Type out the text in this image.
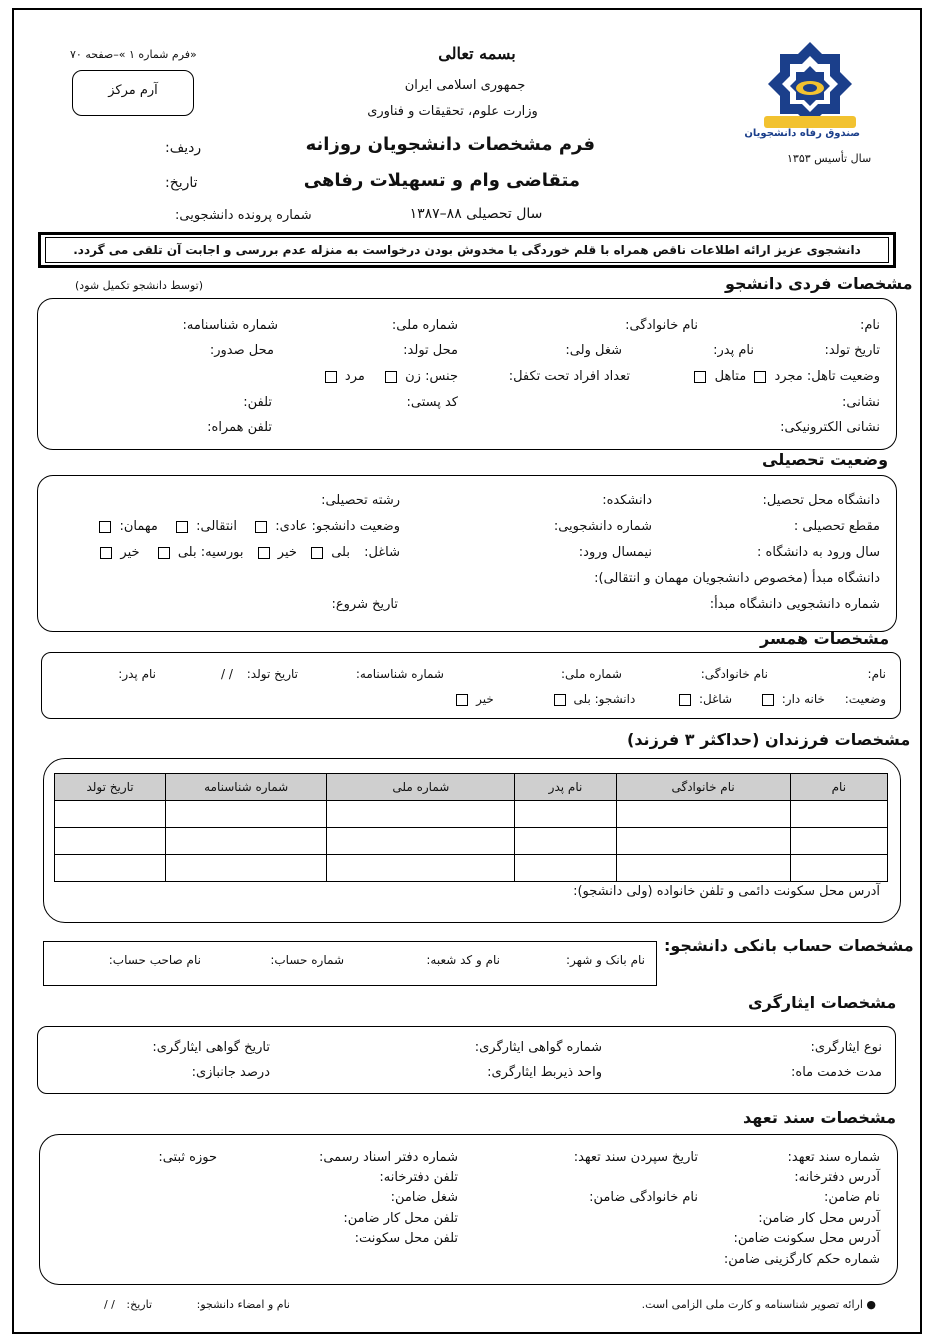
«فرم شماره ۱ »–صفحه ۷۰
آرم مرکز
بسمه تعالی
جمهوری اسلامی ایران
وزارت علوم، تحقیقات و فناوری
فرم مشخصات دانشجویان روزانه
متقاضی وام و تسهیلات رفاهی
سال تحصیلی ۸۸–۱۳۸۷
ردیف:
تاریخ:
شماره پرونده دانشجویی:
صندوق رفاه دانشجویان
سال تأسیس ۱۳۵۳
دانشجوی عزیز ارائه اطلاعات ناقص همراه با قلم خوردگی یا مخدوش بودن درخواست به منزله عدم بررسی و اجابت آن تلقی می گردد.
مشخصات فردی دانشجو
(توسط دانشجو تکمیل شود)
نام:
نام خانوادگی:
شماره ملی:
شماره شناسنامه:
تاریخ تولد:
نام پدر:
شغل ولی:
محل تولد:
محل صدور:
وضعیت تاهل: مجرد  متاهل
تعداد افراد تحت تکفل:
جنس: زن  مرد
نشانی:
کد پستی:
تلفن:
نشانی الکترونیکی:
تلفن همراه:
وضعیت تحصیلی
دانشگاه محل تحصیل:
دانشکده:
رشته تحصیلی:
مقطع تحصیلی :
شماره دانشجویی:
وضعیت دانشجو: عادی:  انتقالی:  مهمان:
سال ورود به دانشگاه :
نیمسال ورود:
شاغل: بلی  خیر  بورسیه: بلی  خیر
دانشگاه مبدأ (مخصوص دانشجویان مهمان و انتقالی):
شماره دانشجویی دانشگاه مبدأ:
تاریخ شروع:
مشخصات همسر
نام:
نام خانوادگی:
شماره ملی:
شماره شناسنامه:
تاریخ تولد: / /
نام پدر:
وضعیت: خانه دار:  شاغل:  دانشجو: بلی  خیر
مشخصات فرزندان (حداکثر ۳ فرزند)
نام	نام خانوادگی	نام پدر	شماره ملی	شماره شناسنامه	تاریخ تولد

آدرس محل سکونت دائمی و تلفن خانواده (ولی دانشجو):
مشخصات حساب بانکی دانشجو:
نام بانک و شهر:
نام و کد شعبه:
شماره حساب:
نام صاحب حساب:
مشخصات ایثارگری
نوع ایثارگری:
شماره گواهی ایثارگری:
تاریخ گواهی ایثارگری:
مدت خدمت ماه:
واحد ذیربط ایثارگری:
درصد جانبازی:
مشخصات سند تعهد
شماره سند تعهد:
تاریخ سپردن سند تعهد:
شماره دفتر اسناد رسمی:
حوزه ثبتی:
آدرس دفترخانه:
تلفن دفترخانه:
نام ضامن:
نام خانوادگی ضامن:
شغل ضامن:
آدرس محل کار ضامن:
تلفن محل کار ضامن:
آدرس محل سکونت ضامن:
تلفن محل سکونت:
شماره حکم کارگزینی ضامن:
● ارائه تصویر شناسنامه و کارت ملی الزامی است.
نام و امضاء دانشجو:
تاریخ: / /
